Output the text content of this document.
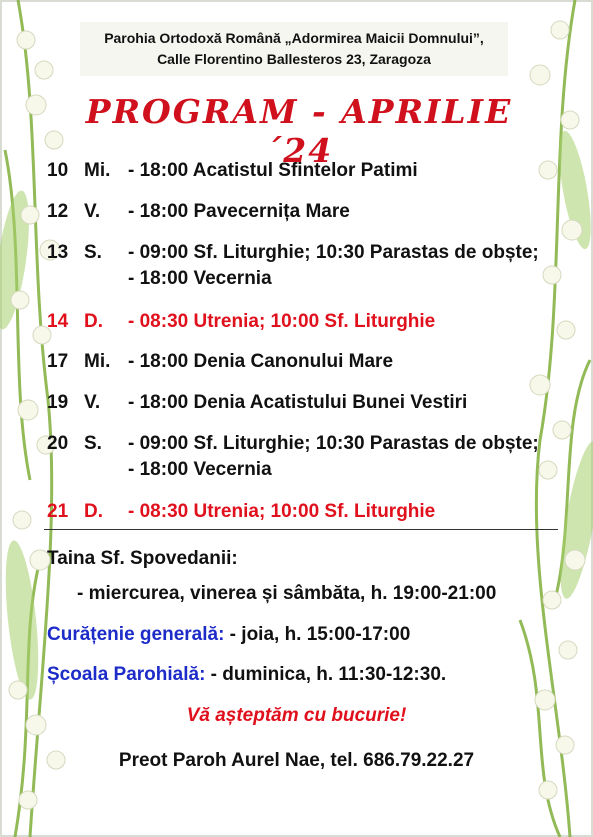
Parohia Ortodoxă Română „Adormirea Maicii Domnului”,
Calle Florentino Ballesteros 23, Zaragoza
PROGRAM - APRILIE ´24
10 Mi. - 18:00 Acatistul Sfintelor Patimi
12 V. - 18:00 Pavecernița Mare
13 S. - 09:00 Sf. Liturghie; 10:30 Parastas de obște;
- 18:00 Vecernia
14 D. - 08:30 Utrenia; 10:00 Sf. Liturghie
17 Mi. - 18:00 Denia Canonului Mare
19 V. - 18:00 Denia Acatistului Bunei Vestiri
20 S. - 09:00 Sf. Liturghie; 10:30 Parastas de obște;
- 18:00 Vecernia
21 D. - 08:30 Utrenia; 10:00 Sf. Liturghie
Taina Sf. Spovedanii:
- miercurea, vinerea și sâmbăta, h. 19:00-21:00
Curățenie generală: - joia, h. 15:00-17:00
Școala Parohială: - duminica, h. 11:30-12:30.
Vă așteptăm cu bucurie!
Preot Paroh Aurel Nae, tel. 686.79.22.27
